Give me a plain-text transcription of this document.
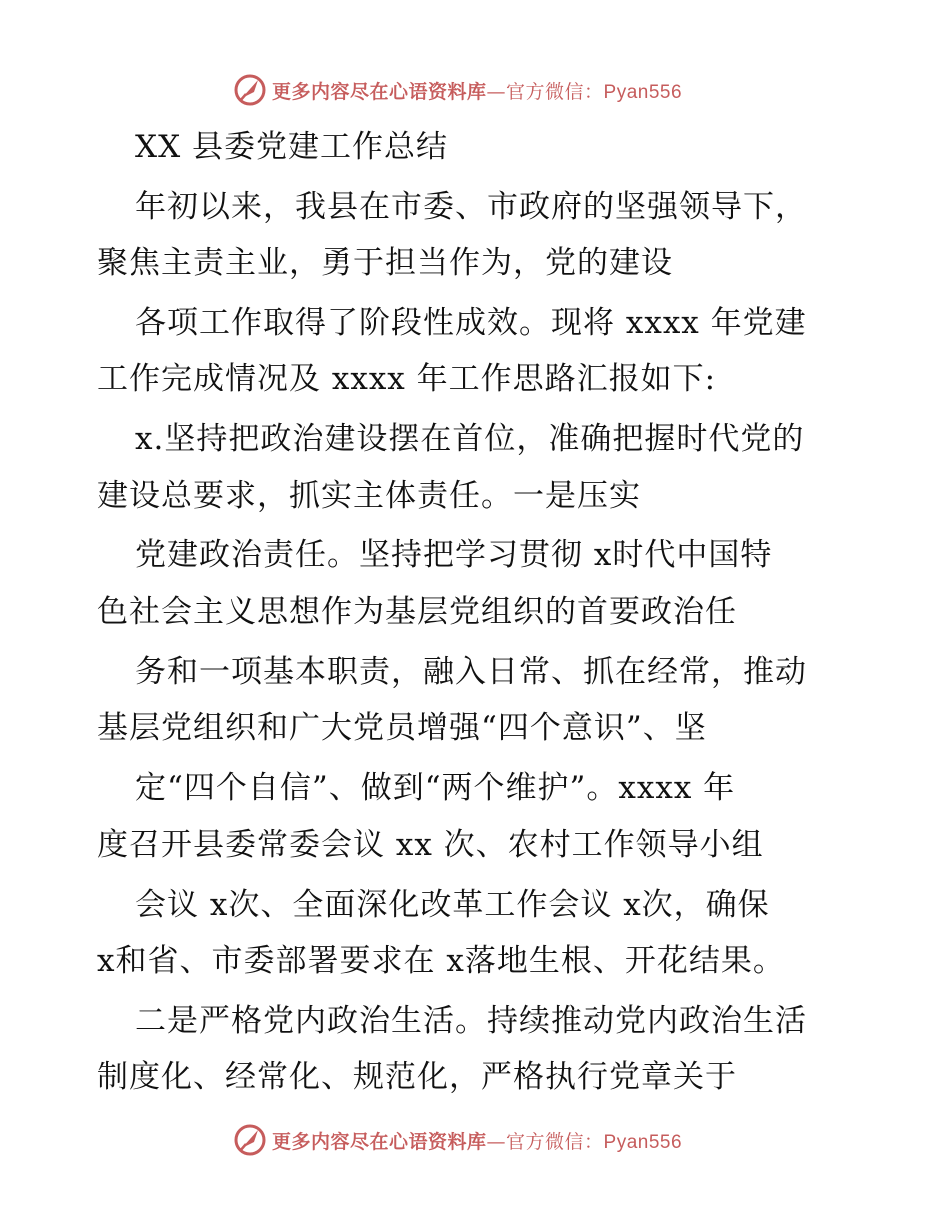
更多内容尽在心语资料库—官方微信：Pyan556
XX 县委党建工作总结
年初以来，我县在市委、市政府的坚强领导下，
聚焦主责主业，勇于担当作为，党的建设
各项工作取得了阶段性成效。现将 xxxx 年党建
工作完成情况及 xxxx 年工作思路汇报如下:
x.坚持把政治建设摆在首位，准确把握时代党的
建设总要求，抓实主体责任。一是压实
党建政治责任。坚持把学习贯彻 x时代中国特
色社会主义思想作为基层党组织的首要政治任
务和一项基本职责，融入日常、抓在经常，推动
基层党组织和广大党员增强“四个意识”、坚
定“四个自信”、做到“两个维护”。xxxx 年
度召开县委常委会议 xx 次、农村工作领导小组
会议 x次、全面深化改革工作会议 x次，确保
x和省、市委部署要求在 x落地生根、开花结果。
二是严格党内政治生活。持续推动党内政治生活
制度化、经常化、规范化，严格执行党章关于
更多内容尽在心语资料库—官方微信：Pyan556
